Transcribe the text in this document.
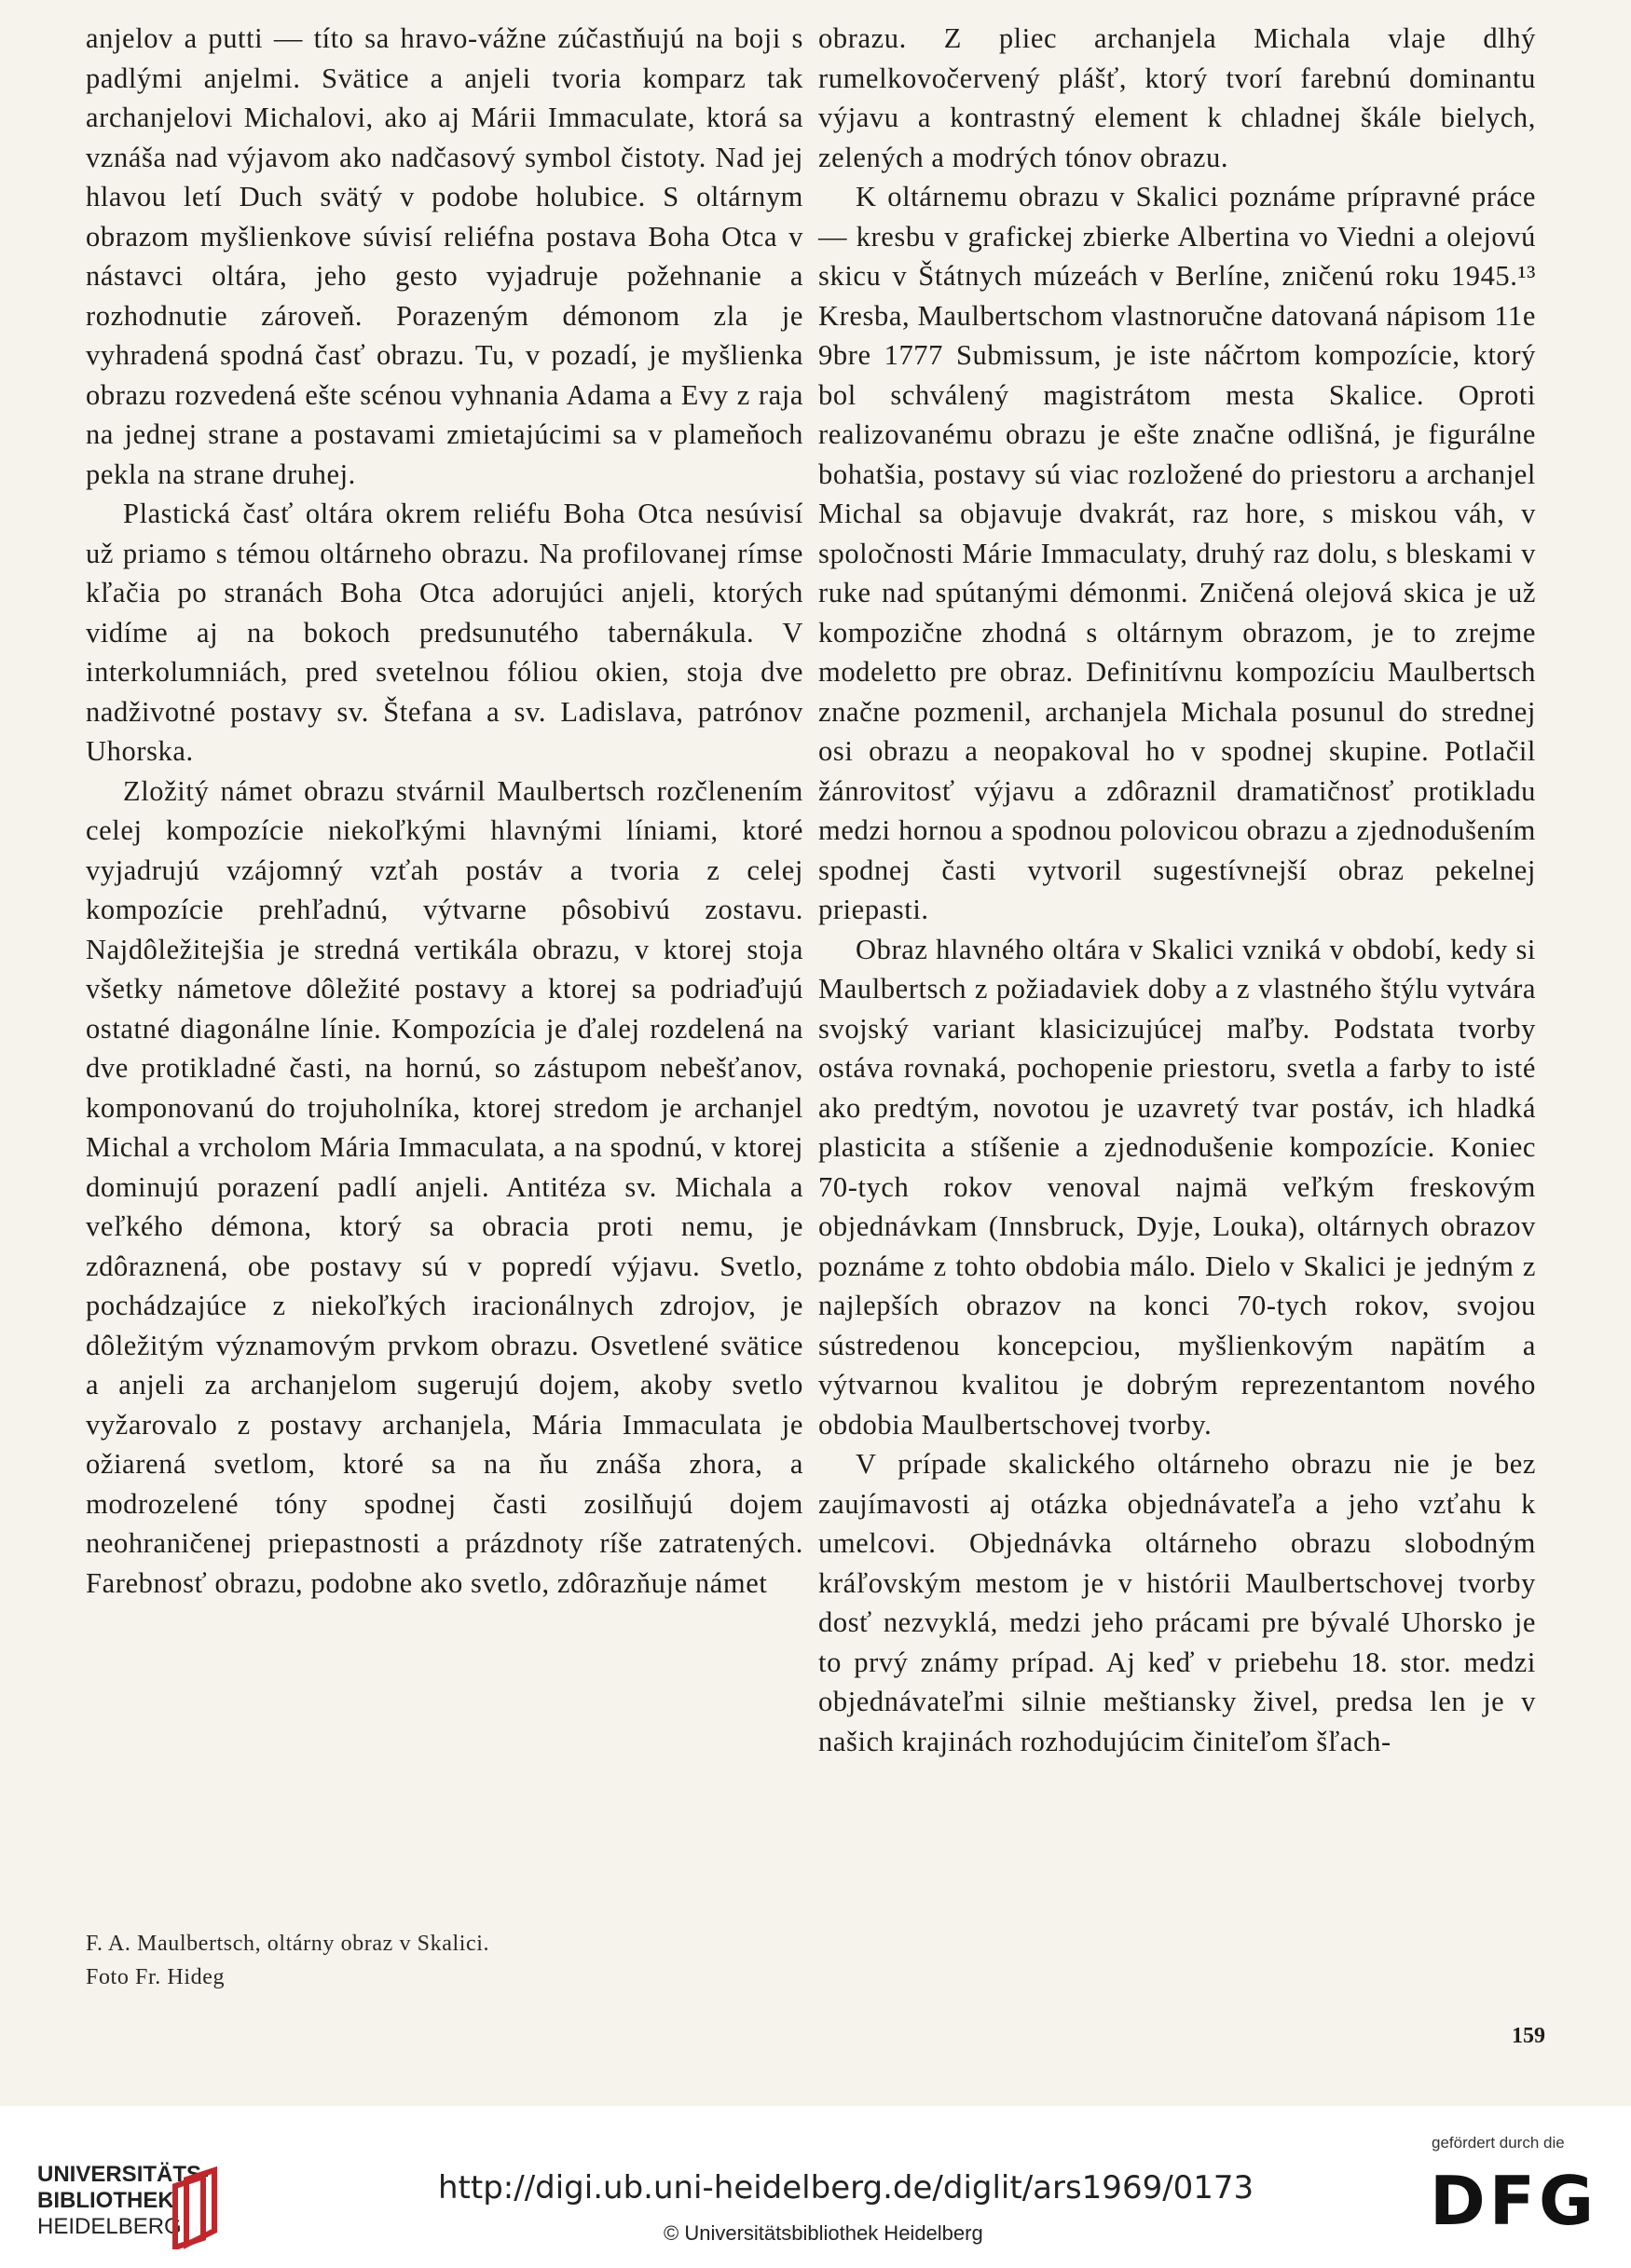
anjelov a putti — títo sa hravo-vážne zúčastňujú na boji s padlými anjelmi. Svätice a anjeli tvoria komparz tak archanjelovi Michalovi, ako aj Márii Immaculate, ktorá sa vznáša nad výjavom ako nadčasový symbol čistoty. Nad jej hlavou letí Duch svätý v podobe holubice. S oltárnym obrazom myšlienkove súvisí reliéfna postava Boha Otca v nástavci oltára, jeho gesto vyjadruje požehnanie a rozhodnutie zároveň. Porazeným démonom zla je vyhradená spodná časť obrazu. Tu, v pozadí, je myšlienka obrazu rozvedená ešte scénou vyhnania Adama a Evy z raja na jednej strane a postavami zmietajúcimi sa v plameňoch pekla na strane druhej.

Plastická časť oltára okrem reliéfu Boha Otca nesúvisí už priamo s témou oltárneho obrazu. Na profilovanej rímse kľačia po stranách Boha Otca adorujúci anjeli, ktorých vidíme aj na bokoch predsunutého tabernákula. V interkolumniách, pred svetelnou fóliou okien, stoja dve nadživotné postavy sv. Štefana a sv. Ladislava, patrónov Uhorska.

Zložitý námet obrazu stvárnil Maulbertsch rozčlenením celej kompozície niekoľkými hlavnými líniami, ktoré vyjadrujú vzájomný vzťah postáv a tvoria z celej kompozície prehľadnú, výtvarne pôsobivú zostavu. Najdôležitejšia je stredná vertikála obrazu, v ktorej stoja všetky námetove dôležité postavy a ktorej sa podriaďujú ostatné diagonálne línie. Kompozícia je ďalej rozdelená na dve protikladné časti, na hornú, so zástupom nebešťanov, komponovanú do trojuholníka, ktorej stredom je archanjel Michal a vrcholom Mária Immaculata, a na spodnú, v ktorej dominujú porazení padlí anjeli. Antitéza sv. Michala a veľkého démona, ktorý sa obracia proti nemu, je zdôraznená, obe postavy sú v popredí výjavu. Svetlo, pochádzajúce z niekoľkých iracionálnych zdrojov, je dôležitým významovým prvkom obrazu. Osvetlené svätice a anjeli za archanjelom sugerujú dojem, akoby svetlo vyžarovalo z postavy archanjela, Mária Immaculata je ožiarená svetlom, ktoré sa na ňu znáša zhora, a modrozelené tóny spodnej časti zosilňujú dojem neohraničenej priepastnosti a prázdnoty ríše zatratených. Farebnosť obrazu, podobne ako svetlo, zdôrazňuje námet

obrazu. Z pliec archanjela Michala vlaje dlhý rumelkovočervený plášť, ktorý tvorí farebnú dominantu výjavu a kontrastný element k chladnej škále bielych, zelených a modrých tónov obrazu.

K oltárnemu obrazu v Skalici poznáme prípravné práce — kresbu v grafickej zbierke Albertina vo Viedni a olejovú skicu v Štátnych múzeách v Berlíne, zničenú roku 1945.¹³ Kresba, Maulbertschom vlastnoručne datovaná nápisom 11e 9bre 1777 Submissum, je iste náčrtom kompozície, ktorý bol schválený magistrátom mesta Skalice. Oproti realizovanému obrazu je ešte značne odlišná, je figurálne bohatšia, postavy sú viac rozložené do priestoru a archanjel Michal sa objavuje dvakrát, raz hore, s miskou váh, v spoločnosti Márie Immaculaty, druhý raz dolu, s bleskami v ruke nad spútanými démonmi. Zničená olejová skica je už kompozične zhodná s oltárnym obrazom, je to zrejme modeletto pre obraz. Definitívnu kompozíciu Maulbertsch značne pozmenil, archanjela Michala posunul do strednej osi obrazu a neopakoval ho v spodnej skupine. Potlačil žánrovitosť výjavu a zdôraznil dramatičnosť protikladu medzi hornou a spodnou polovicou obrazu a zjednodušením spodnej časti vytvoril sugestívnejší obraz pekelnej priepasti.

Obraz hlavného oltára v Skalici vzniká v období, kedy si Maulbertsch z požiadaviek doby a z vlastného štýlu vytvára svojský variant klasicizujúcej maľby. Podstata tvorby ostáva rovnaká, pochopenie priestoru, svetla a farby to isté ako predtým, novotou je uzavretý tvar postáv, ich hladká plasticita a stíšenie a zjednodušenie kompozície. Koniec 70-tych rokov venoval najmä veľkým freskovým objednávkam (Innsbruck, Dyje, Louka), oltárnych obrazov poznáme z tohto obdobia málo. Dielo v Skalici je jedným z najlepších obrazov na konci 70-tych rokov, svojou sústredenou koncepciou, myšlienkovým napätím a výtvarnou kvalitou je dobrým reprezentantom nového obdobia Maulbertschovej tvorby.

V prípade skalického oltárneho obrazu nie je bez zaujímavosti aj otázka objednávateľa a jeho vzťahu k umelcovi. Objednávka oltárneho obrazu slobodným kráľovským mestom je v histórii Maulbertschovej tvorby dosť nezvyklá, medzi jeho prácami pre bývalé Uhorsko je to prvý známy prípad. Aj keď v priebehu 18. stor. medzi objednávateľmi silnie meštiansky živel, predsa len je v našich krajinách rozhodujúcim činiteľom šľach-

F. A. Maulbertsch, oltárny obraz v Skalici.
Foto Fr. Hideg
159
UNIVERSITÄTS-
BIBLIOTHEK
HEIDELBERG
http://digi.ub.uni-heidelberg.de/diglit/ars1969/0173
© Universitätsbibliothek Heidelberg
gefördert durch die
DFG
